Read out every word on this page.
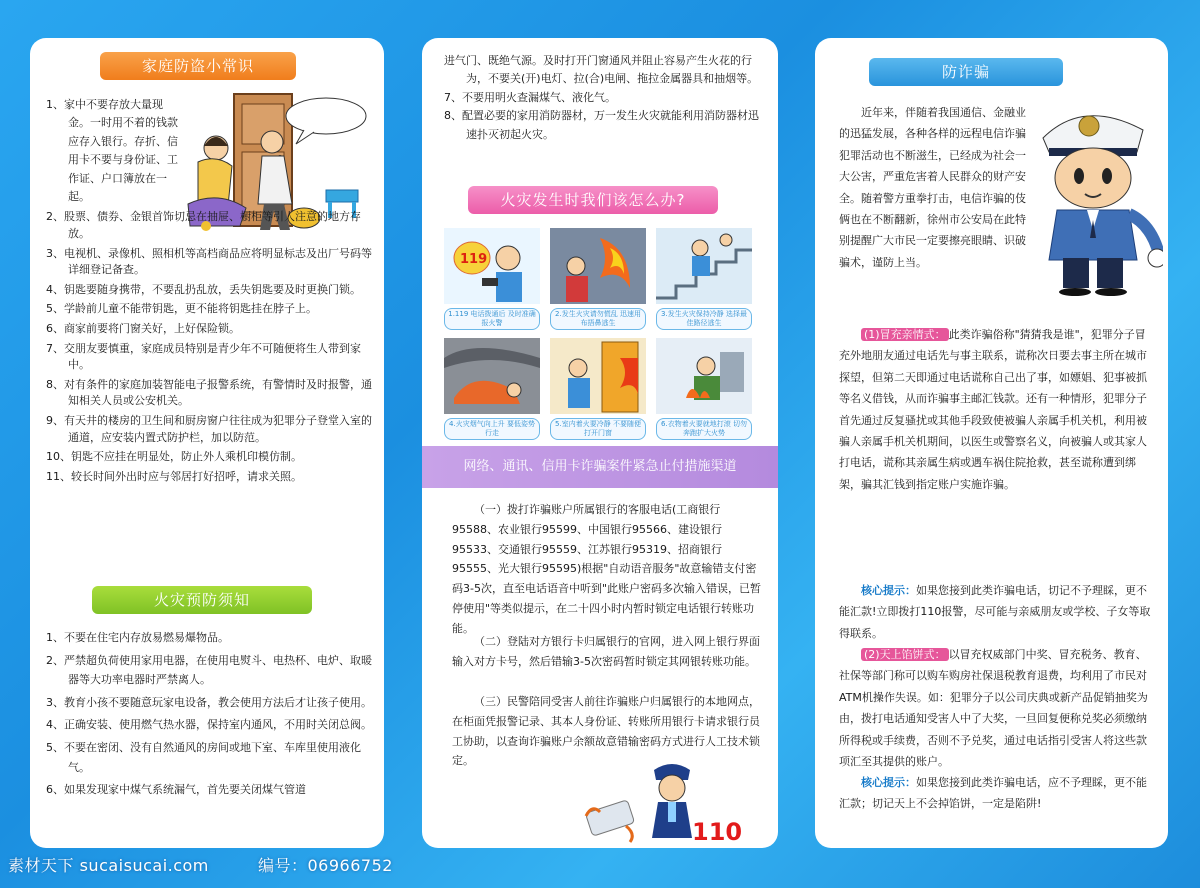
家庭防盗小常识

1、家中不要存放大量现金。一时用不着的钱款应存入银行。存折、信用卡不要与身份证、工作证、户口簿放在一起。

2、股票、债券、金银首饰切忌在抽屉、橱柜等引人注意的地方存放。

3、电视机、录像机、照相机等高档商品应将明显标志及出厂号码等详细登记备查。

4、钥匙要随身携带，不要乱扔乱放，丢失钥匙要及时更换门锁。

5、学龄前儿童不能带钥匙，更不能将钥匙挂在脖子上。

6、商家前要将门窗关好，上好保险锁。

7、交朋友要慎重，家庭成员特别是青少年不可随便将生人带到家中。

8、对有条件的家庭加装智能电子报警系统，有警情时及时报警，通知相关人员或公安机关。

9、有天井的楼房的卫生间和厨房窗户往往成为犯罪分子登堂入室的通道，应安装内置式防护栏，加以防范。

10、钥匙不应挂在明显处，防止外人乘机印模仿制。

11、较长时间外出时应与邻居打好招呼，请求关照。

火灾预防须知

1、不要在住宅内存放易燃易爆物品。

2、严禁超负荷使用家用电器，在使用电熨斗、电热杯、电炉、取暖器等大功率电器时严禁离人。

3、教育小孩不要随意玩家电设备，教会使用方法后才让孩子使用。

4、正确安装、使用燃气热水器，保持室内通风，不用时关闭总阀。

5、不要在密闭、没有自然通风的房间或地下室、车库里使用液化气。

6、如果发现家中煤气系统漏气，首先要关闭煤气管道

进气门、既绝气源。及时打开门窗通风并阻止容易产生火花的行为，不要关(开)电灯、拉(合)电闸、拖拉金属器具和抽烟等。

7、不要用明火查漏煤气、液化气。

8、配置必要的家用消防器材，万一发生火灾就能利用消防器材迅速扑灭初起火灾。

火灾发生时我们该怎么办?
119
1.119 电话拨通后 及时准确报火警
2.发生火灾请勿慌乱 迅速用布捂鼻逃生
3.发生火灾保持冷静 选择最佳路径逃生
4.火灾烟气向上升 要低姿势行走
5.室内着火要冷静 不要随便打开门窗
6.衣物着火要就地打滚 切勿奔跑扩大火势
网络、通讯、信用卡诈骗案件紧急止付措施渠道
（一）拨打诈骗账户所属银行的客服电话(工商银行95588、农业银行95599、中国银行95566、建设银行95533、交通银行95559、江苏银行95319、招商银行95555、光大银行95595)根据"自动语音服务"故意输错支付密码3-5次，直至电话语音中听到"此账户密码多次输入错误，已暂停使用"等类似提示，在二十四小时内暂时锁定电话银行转账功能。
（二）登陆对方银行卡归属银行的官网，进入网上银行界面输入对方卡号，然后错输3-5次密码暂时锁定其网银转账功能。
（三）民警陪同受害人前往诈骗账户归属银行的本地网点，在柜面凭报警记录、其本人身份证、转账所用银行卡请求银行员工协助，以查询诈骗账户余额故意错输密码方式进行人工技术锁定。
110
防诈骗
近年来，伴随着我国通信、金融业的迅猛发展，各种各样的远程电信诈骗犯罪活动也不断滋生，已经成为社会一大公害，严重危害着人民群众的财产安全。随着警方重拳打击，电信诈骗的伎俩也在不断翻新，徐州市公安局在此特别提醒广大市民一定要擦亮眼睛、识破骗术，谨防上当。
(1)冒充亲情式： 此类诈骗俗称"猜猜我是谁"，犯罪分子冒充外地朋友通过电话先与事主联系，谎称次日要去事主所在城市探望，但第二天即通过电话谎称自己出了事，如嫖娼、犯事被抓等名义借钱，从而诈骗事主邮汇钱款。还有一种情形，犯罪分子首先通过反复骚扰或其他手段致使被骗人亲属手机关机，利用被骗人亲属手机关机期间，以医生或警察名义，向被骗人或其家人打电话，谎称其亲属生病或遇车祸住院抢救，甚至谎称遭到绑架，骗其汇钱到指定账户实施诈骗。
核心提示：如果您接到此类诈骗电话，切记不予理睬，更不能汇款!立即拨打110报警，尽可能与亲威朋友或学校、子女等取得联系。
(2)天上馅饼式： 以冒充权威部门中奖、冒充税务、教育、社保等部门称可以购车购房社保退税教育退费，均利用了市民对ATM机操作失误。如：犯罪分子以公司庆典或新产品促销抽奖为由，拨打电话通知受害人中了大奖，一旦回复便称兑奖必须缴纳所得税或手续费，否则不予兑奖，通过电话指引受害人将这些款项汇至其提供的账户。
核心提示：如果您接到此类诈骗电话，应不予理睬，更不能汇款；切记天上不会掉馅饼，一定是陷阱!
素材天下 sucaisucai.com	编号：06966752
